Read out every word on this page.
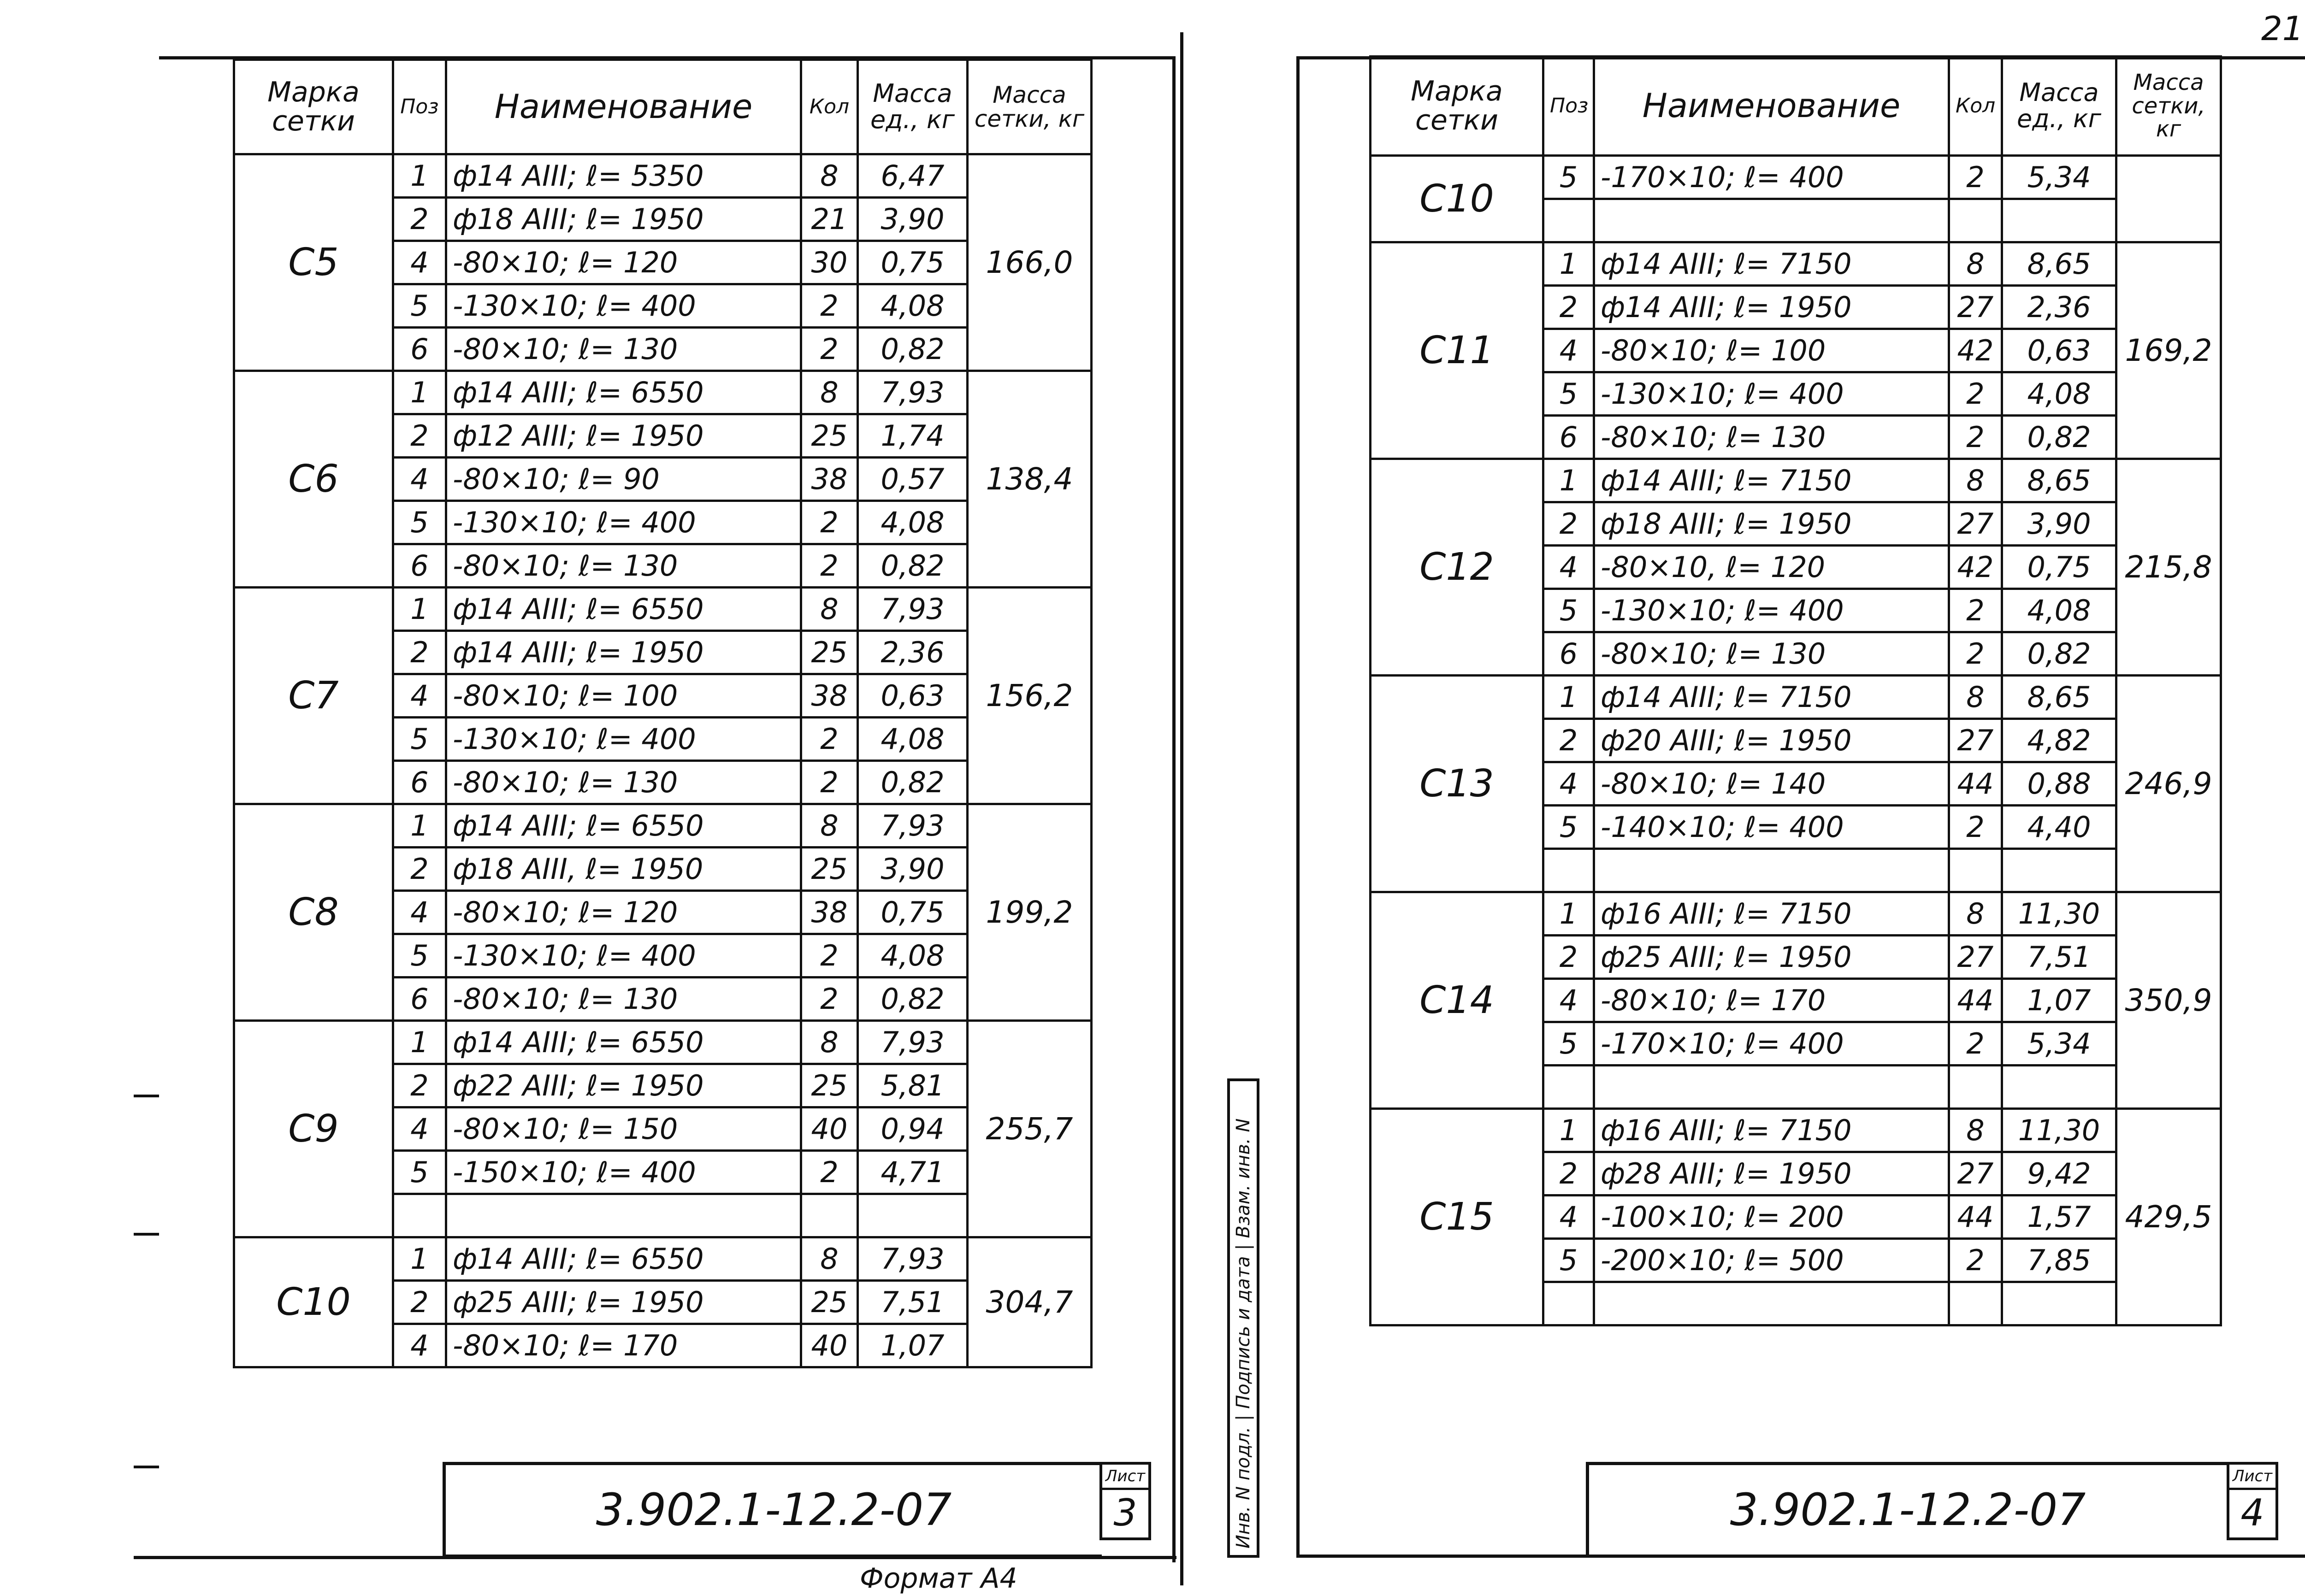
Марка сетки	Поз	Наименование	Кол	Масса ед., кг	Масса сетки, кг
C5	1	ф14 AIII; ℓ= 5350	8	6,47	166,0
	2	ф18 AIII; ℓ= 1950	21	3,90	
	4	-80×10; ℓ= 120	30	0,75	
	5	-130×10; ℓ= 400	2	4,08	
	6	-80×10; ℓ= 130	2	0,82	
C6	1	ф14 AIII; ℓ= 6550	8	7,93	138,4
	2	ф12 AIII; ℓ= 1950	25	1,74	
	4	-80×10; ℓ= 90	38	0,57	
	5	-130×10; ℓ= 400	2	4,08	
	6	-80×10; ℓ= 130	2	0,82	
C7	1	ф14 AIII; ℓ= 6550	8	7,93	156,2
	2	ф14 AIII; ℓ= 1950	25	2,36	
	4	-80×10; ℓ= 100	38	0,63	
	5	-130×10; ℓ= 400	2	4,08	
	6	-80×10; ℓ= 130	2	0,82	
C8	1	ф14 AIII; ℓ= 6550	8	7,93	199,2
	2	ф18 AIII, ℓ= 1950	25	3,90	
	4	-80×10; ℓ= 120	38	0,75	
	5	-130×10; ℓ= 400	2	4,08	
	6	-80×10; ℓ= 130	2	0,82	
C9	1	ф14 AIII; ℓ= 6550	8	7,93	255,7
	2	ф22 AIII; ℓ= 1950	25	5,81	
	4	-80×10; ℓ= 150	40	0,94	
	5	-150×10; ℓ= 400	2	4,71	

C10	1	ф14 AIII; ℓ= 6550	8	7,93	304,7
	2	ф25 AIII; ℓ= 1950	25	7,51	
	4	-80×10; ℓ= 170	40	1,07	
3.902.1-12.2-07
Лист
3
Формат А4
Инв. N подл. | Подпись и дата | Взам. инв. N
21
Марка сетки	Поз	Наименование	Кол	Масса ед., кг	Масса сетки, кг
C10	5	-170×10; ℓ= 400	2	5,34	

C11	1	ф14 AIII; ℓ= 7150	8	8,65	169,2
	2	ф14 AIII; ℓ= 1950	27	2,36	
	4	-80×10; ℓ= 100	42	0,63	
	5	-130×10; ℓ= 400	2	4,08	
	6	-80×10; ℓ= 130	2	0,82	
C12	1	ф14 AIII; ℓ= 7150	8	8,65	215,8
	2	ф18 AIII; ℓ= 1950	27	3,90	
	4	-80×10, ℓ= 120	42	0,75	
	5	-130×10; ℓ= 400	2	4,08	
	6	-80×10; ℓ= 130	2	0,82	
C13	1	ф14 AIII; ℓ= 7150	8	8,65	246,9
	2	ф20 AIII; ℓ= 1950	27	4,82	
	4	-80×10; ℓ= 140	44	0,88	
	5	-140×10; ℓ= 400	2	4,40	

C14	1	ф16 AIII; ℓ= 7150	8	11,30	350,9
	2	ф25 AIII; ℓ= 1950	27	7,51	
	4	-80×10; ℓ= 170	44	1,07	
	5	-170×10; ℓ= 400	2	5,34	

C15	1	ф16 AIII; ℓ= 7150	8	11,30	429,5
	2	ф28 AIII; ℓ= 1950	27	9,42	
	4	-100×10; ℓ= 200	44	1,57	
	5	-200×10; ℓ= 500	2	7,85	

3.902.1-12.2-07
Лист
4
